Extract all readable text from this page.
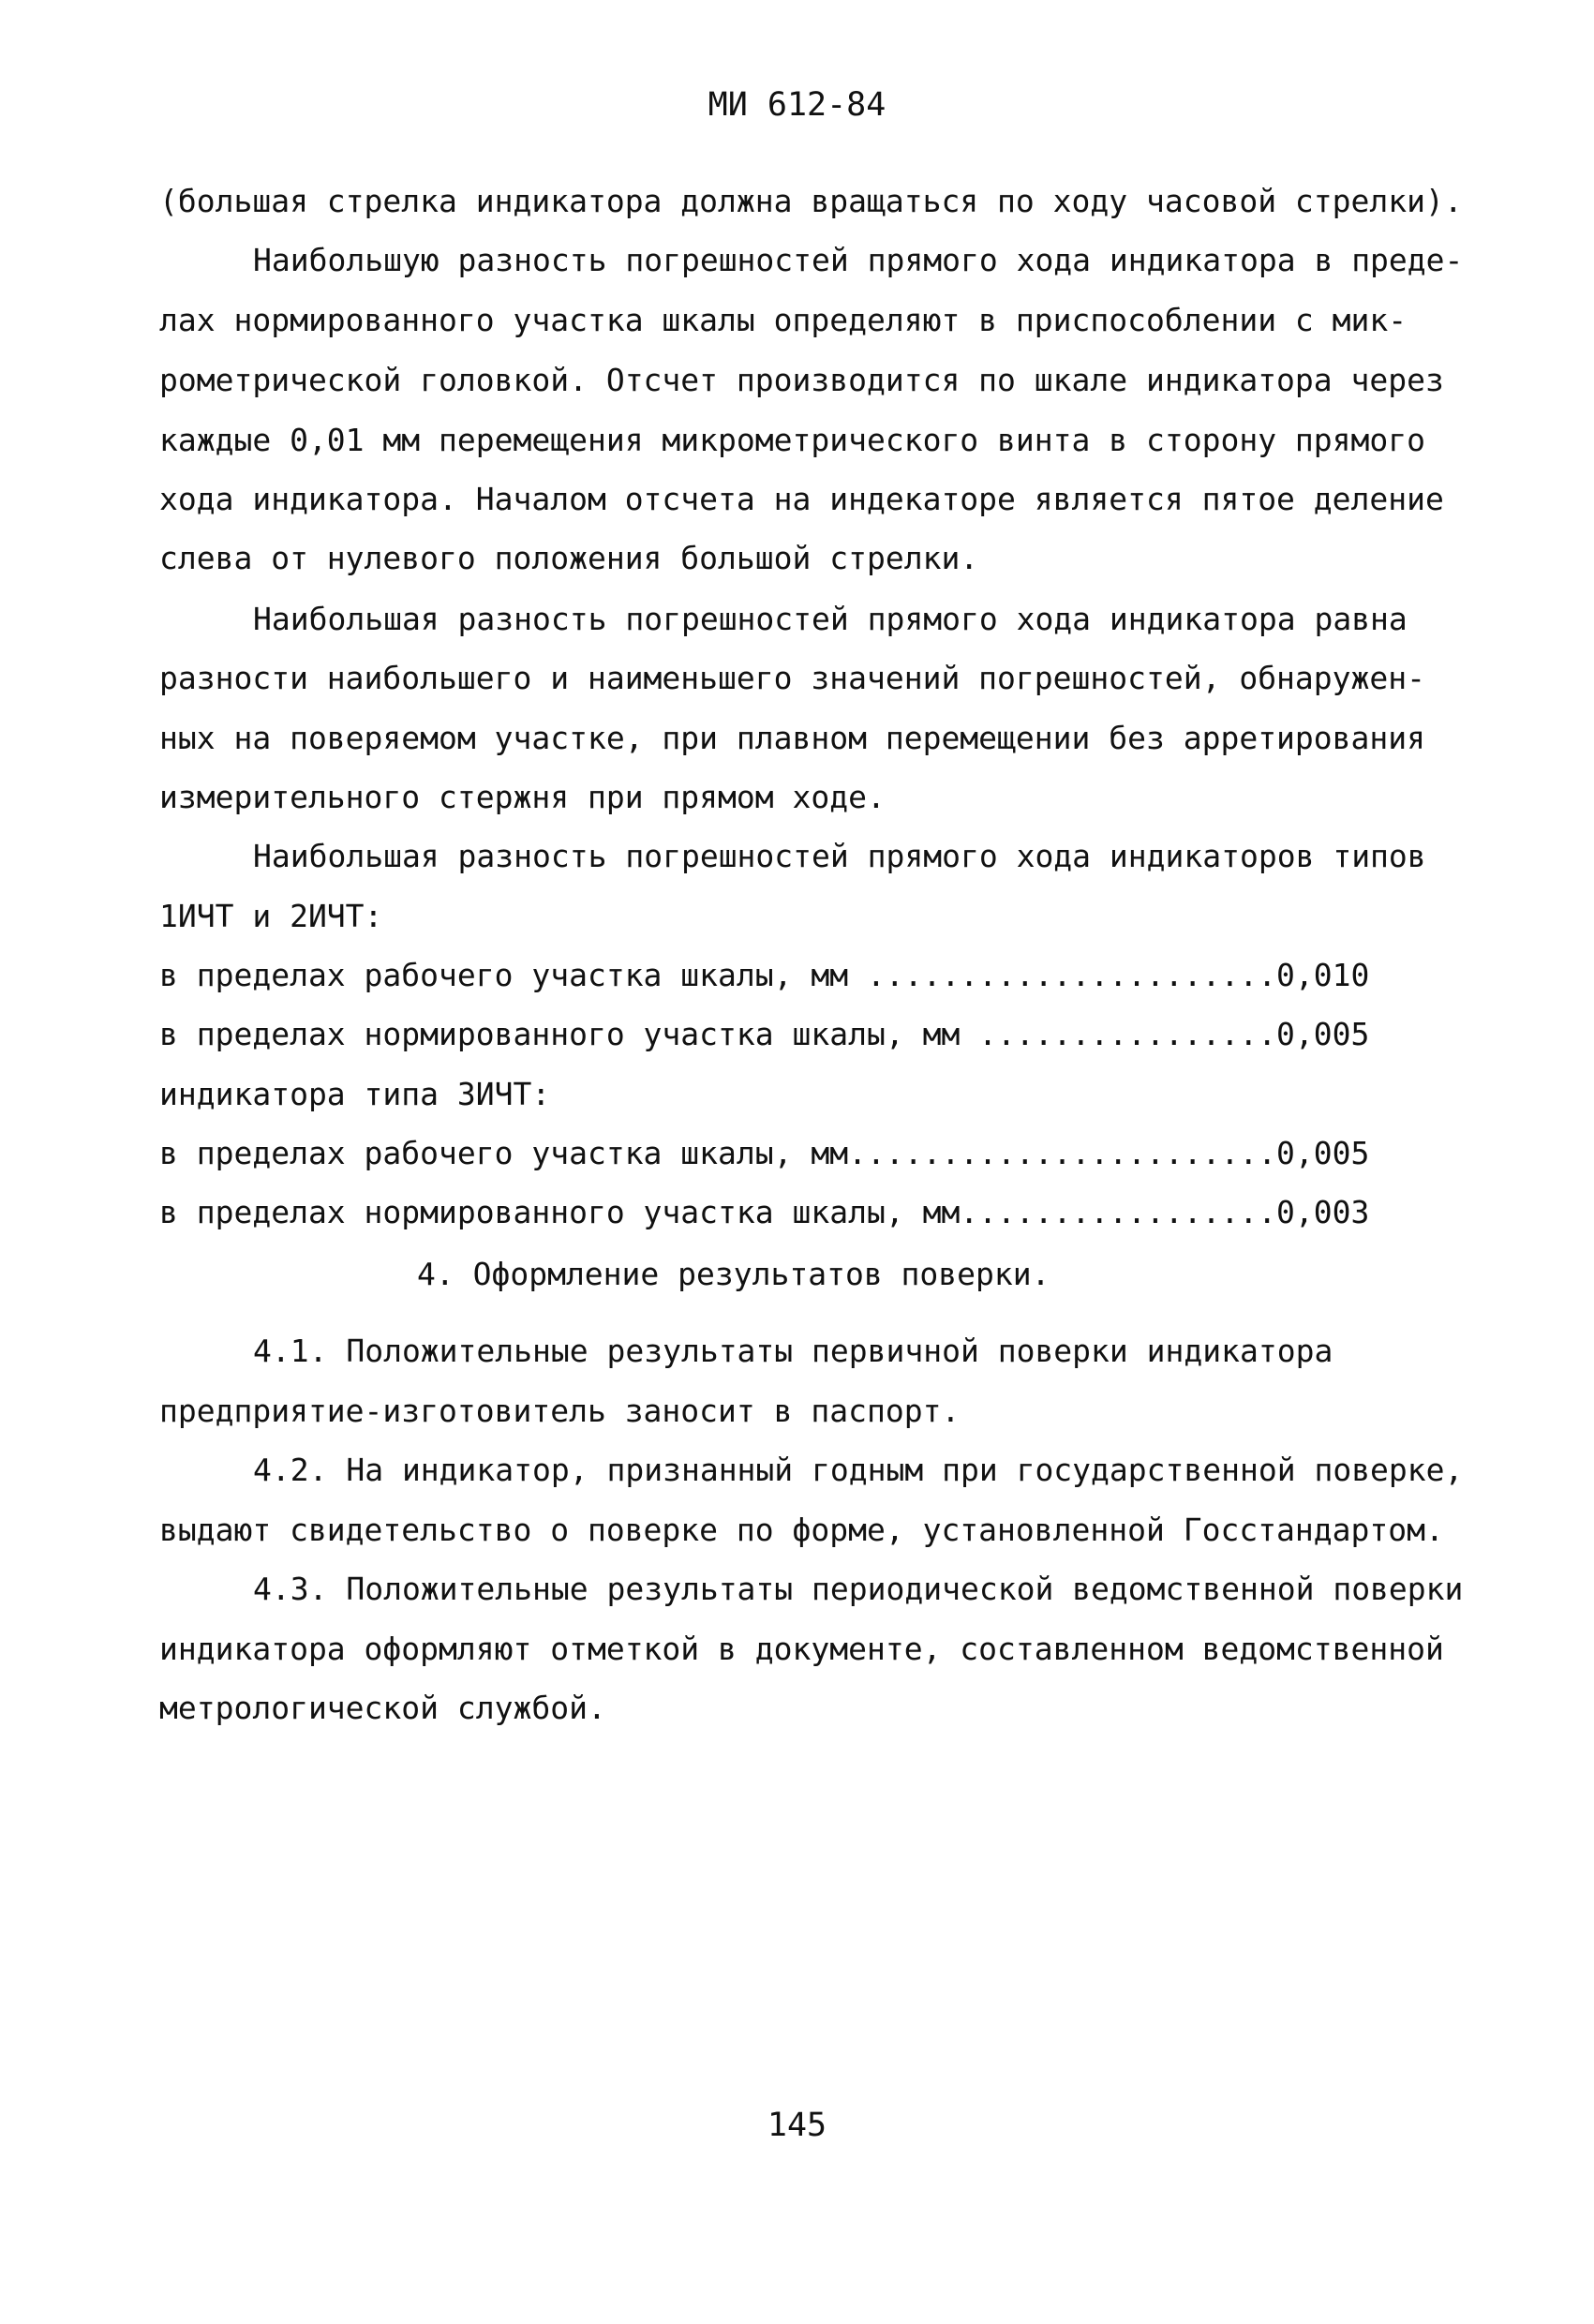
МИ 612-84
(большая стрелка индикатора должна вращаться по ходу часовой стрелки).
Наибольшую разность погрешностей прямого хода индикатора в преде-
лах нормированного участка шкалы определяют в приспособлении с мик-
рометрической головкой. Отсчет производится по шкале индикатора через
каждые 0,01 мм перемещения микрометрического винта в сторону прямого
хода индикатора. Началом отсчета на индекаторе является пятое деление
слева от нулевого положения большой стрелки.
Наибольшая разность погрешностей прямого хода индикатора равна
разности наибольшего и наименьшего значений погрешностей, обнаружен-
ных на поверяемом участке, при плавном перемещении без арретирования
измерительного стержня при прямом ходе.
Наибольшая разность погрешностей прямого хода индикаторов типов
1ИЧТ и 2ИЧТ:
в пределах рабочего участка шкалы, мм ......................0,010
в пределах нормированного участка шкалы, мм ................0,005
индикатора типа 3ИЧТ:
в пределах рабочего участка шкалы, мм.......................0,005
в пределах нормированного участка шкалы, мм.................0,003
4. Оформление результатов поверки.
4.1. Положительные результаты первичной поверки индикатора
предприятие-изготовитель заносит в паспорт.
4.2. На индикатор, признанный годным при государственной поверке,
выдают свидетельство о поверке по форме, установленной Госстандартом.
4.3. Положительные результаты периодической ведомственной поверки
индикатора оформляют отметкой в документе, составленном ведомственной
метрологической службой.
145
